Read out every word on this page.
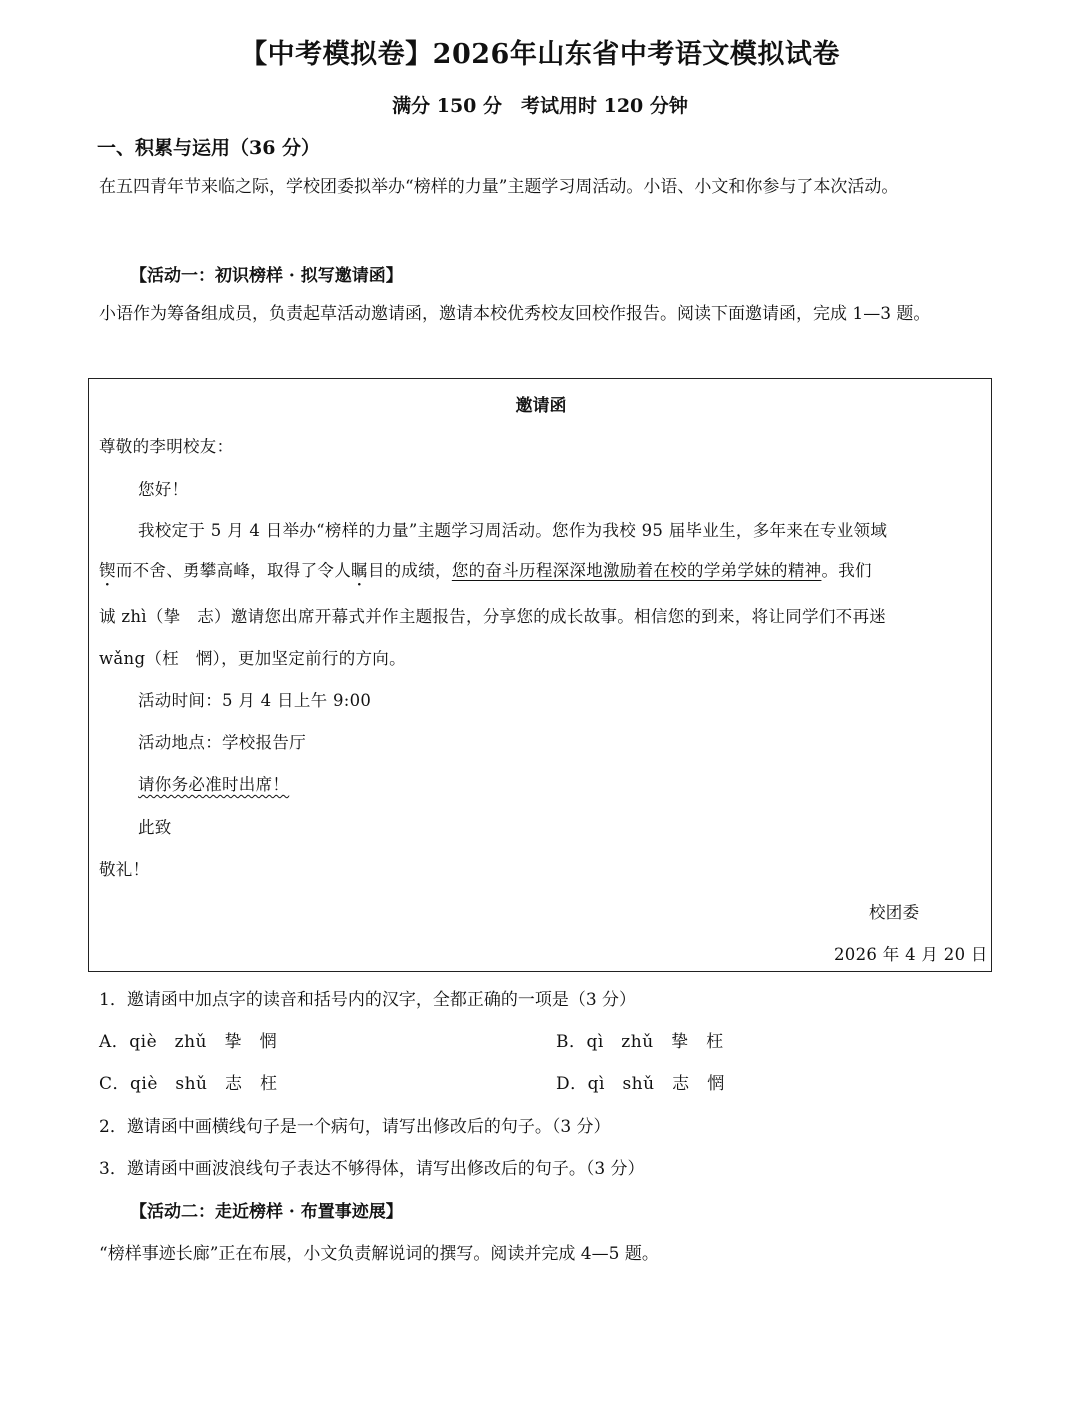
【中考模拟卷】2026年山东省中考语文模拟试卷
满分 150 分　考试用时 120 分钟
一、积累与运用（36 分）
在五四青年节来临之际，学校团委拟举办“榜样的力量”主题学习周活动。小语、小文和你参与了本次活动。
【活动一：初识榜样 · 拟写邀请函】
小语作为筹备组成员，负责起草活动邀请函，邀请本校优秀校友回校作报告。阅读下面邀请函，完成 1—3 题。
邀请函
尊敬的李明校友：
您好！
我校定于 5 月 4 日举办“榜样的力量”主题学习周活动。您作为我校 95 届毕业生，多年来在专业领域
锲而不舍、勇攀高峰，取得了令人瞩目的成绩，您的奋斗历程深深地激励着在校的学弟学妹的精神。我们
诚 zhì（挚　志）邀请您出席开幕式并作主题报告，分享您的成长故事。相信您的到来，将让同学们不再迷
wǎng（枉　惘），更加坚定前行的方向。
活动时间：5 月 4 日上午 9:00
活动地点：学校报告厅
请你务必准时出席！
此致
敬礼！
校团委
2026 年 4 月 20 日
1．邀请函中加点字的读音和括号内的汉字，全都正确的一项是（3 分）
A．qiè　zhǔ　挚　惘	B．qì　zhǔ　挚　枉
C．qiè　shǔ　志　枉	D．qì　shǔ　志　惘
2．邀请函中画横线句子是一个病句，请写出修改后的句子。（3 分）
3．邀请函中画波浪线句子表达不够得体，请写出修改后的句子。（3 分）
【活动二：走近榜样 · 布置事迹展】
“榜样事迹长廊”正在布展，小文负责解说词的撰写。阅读并完成 4—5 题。
